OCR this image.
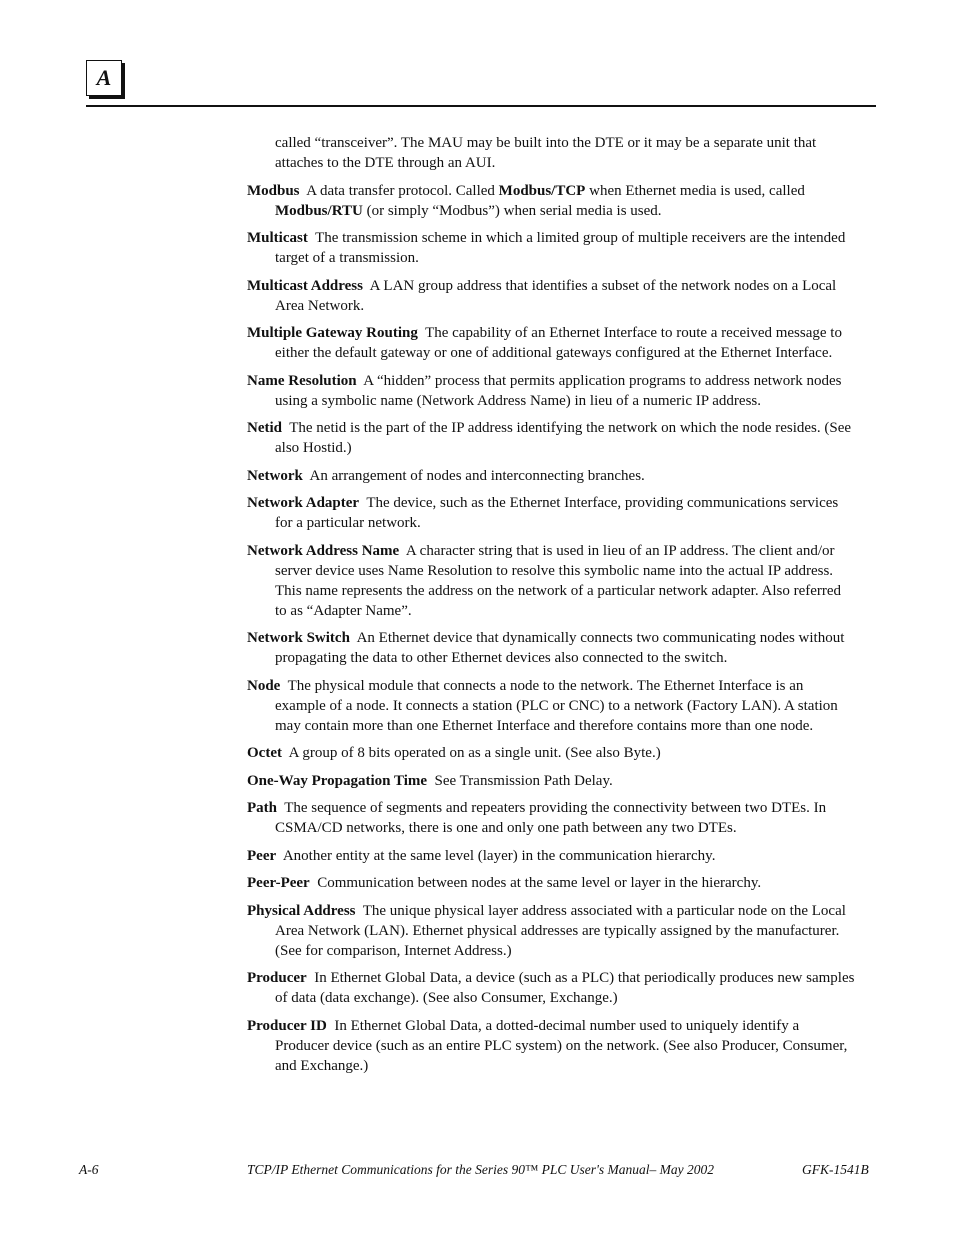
A

called “transceiver”. The MAU may be built into the DTE or it may be a separate unit that attaches to the DTE through an AUI.

Modbus A data transfer protocol. Called Modbus/TCP when Ethernet media is used, called Modbus/RTU (or simply “Modbus”) when serial media is used.

Multicast The transmission scheme in which a limited group of multiple receivers are the intended target of a transmission.

Multicast Address A LAN group address that identifies a subset of the network nodes on a Local Area Network.

Multiple Gateway Routing The capability of an Ethernet Interface to route a received message to either the default gateway or one of additional gateways configured at the Ethernet Interface.

Name Resolution A “hidden” process that permits application programs to address network nodes using a symbolic name (Network Address Name) in lieu of a numeric IP address.

Netid The netid is the part of the IP address identifying the network on which the node resides. (See also Hostid.)

Network An arrangement of nodes and interconnecting branches.

Network Adapter The device, such as the Ethernet Interface, providing communications services for a particular network.

Network Address Name A character string that is used in lieu of an IP address. The client and/or server device uses Name Resolution to resolve this symbolic name into the actual IP address. This name represents the address on the network of a particular network adapter. Also referred to as “Adapter Name”.

Network Switch An Ethernet device that dynamically connects two communicating nodes without propagating the data to other Ethernet devices also connected to the switch.

Node The physical module that connects a node to the network. The Ethernet Interface is an example of a node. It connects a station (PLC or CNC) to a network (Factory LAN). A station may contain more than one Ethernet Interface and therefore contains more than one node.

Octet A group of 8 bits operated on as a single unit. (See also Byte.)

One-Way Propagation Time See Transmission Path Delay.

Path The sequence of segments and repeaters providing the connectivity between two DTEs. In CSMA/CD networks, there is one and only one path between any two DTEs.

Peer Another entity at the same level (layer) in the communication hierarchy.

Peer-Peer Communication between nodes at the same level or layer in the hierarchy.

Physical Address The unique physical layer address associated with a particular node on the Local Area Network (LAN). Ethernet physical addresses are typically assigned by the manufacturer. (See for comparison, Internet Address.)

Producer In Ethernet Global Data, a device (such as a PLC) that periodically produces new samples of data (data exchange). (See also Consumer, Exchange.)

Producer ID In Ethernet Global Data, a dotted-decimal number used to uniquely identify a Producer device (such as an entire PLC system) on the network. (See also Producer, Consumer, and Exchange.)

A-6	TCP/IP Ethernet Communications for the Series 90™ PLC User's Manual– May 2002	GFK-1541B
